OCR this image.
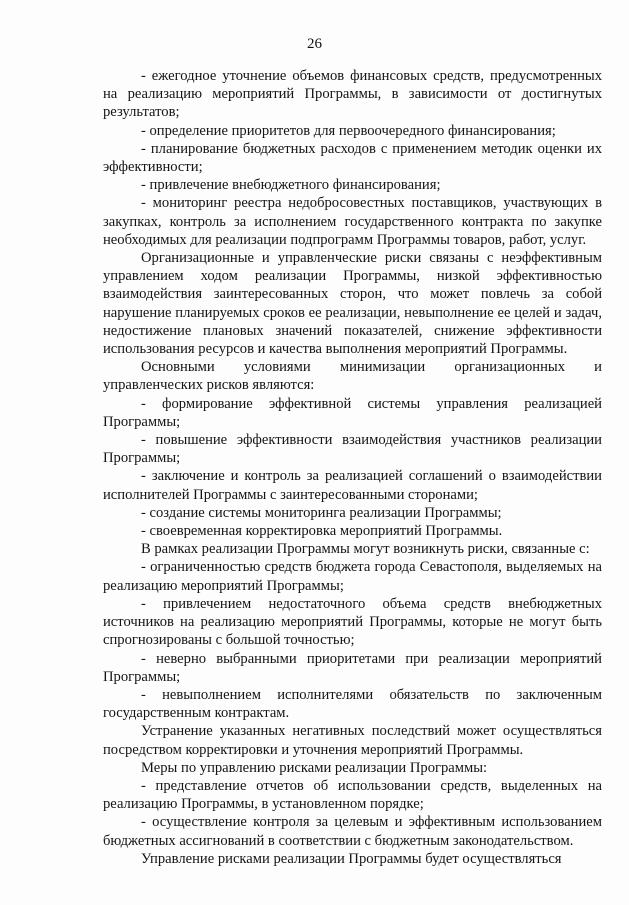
26

- ежегодное уточнение объемов финансовых средств, предусмотренных на реализацию мероприятий Программы, в зависимости от достигнутых результатов;

- определение приоритетов для первоочередного финансирования;

- планирование бюджетных расходов с применением методик оценки их эффективности;

- привлечение внебюджетного финансирования;

- мониторинг реестра недобросовестных поставщиков, участвующих в закупках, контроль за исполнением государственного контракта по закупке необходимых для реализации подпрограмм Программы товаров, работ, услуг.

Организационные и управленческие риски связаны с неэффективным управлением ходом реализации Программы, низкой эффективностью взаимодействия заинтересованных сторон, что может повлечь за собой нарушение планируемых сроков ее реализации, невыполнение ее целей и задач, недостижение плановых значений показателей, снижение эффективности использования ресурсов и качества выполнения мероприятий Программы.

Основными условиями минимизации организационных и управленческих рисков являются:

- формирование эффективной системы управления реализацией Программы;

- повышение эффективности взаимодействия участников реализации Программы;

- заключение и контроль за реализацией соглашений о взаимодействии исполнителей Программы с заинтересованными сторонами;

- создание системы мониторинга реализации Программы;

- своевременная корректировка мероприятий Программы.

В рамках реализации Программы могут возникнуть риски, связанные с:

- ограниченностью средств бюджета города Севастополя, выделяемых на реализацию мероприятий Программы;

- привлечением недостаточного объема средств внебюджетных источников на реализацию мероприятий Программы, которые не могут быть спрогнозированы с большой точностью;

- неверно выбранными приоритетами при реализации мероприятий Программы;

- невыполнением исполнителями обязательств по заключенным государственным контрактам.

Устранение указанных негативных последствий может осуществляться посредством корректировки и уточнения мероприятий Программы.

Меры по управлению рисками реализации Программы:

- представление отчетов об использовании средств, выделенных на реализацию Программы, в установленном порядке;

- осуществление контроля за целевым и эффективным использованием бюджетных ассигнований в соответствии с бюджетным законодательством.

Управление рисками реализации Программы будет осуществляться
